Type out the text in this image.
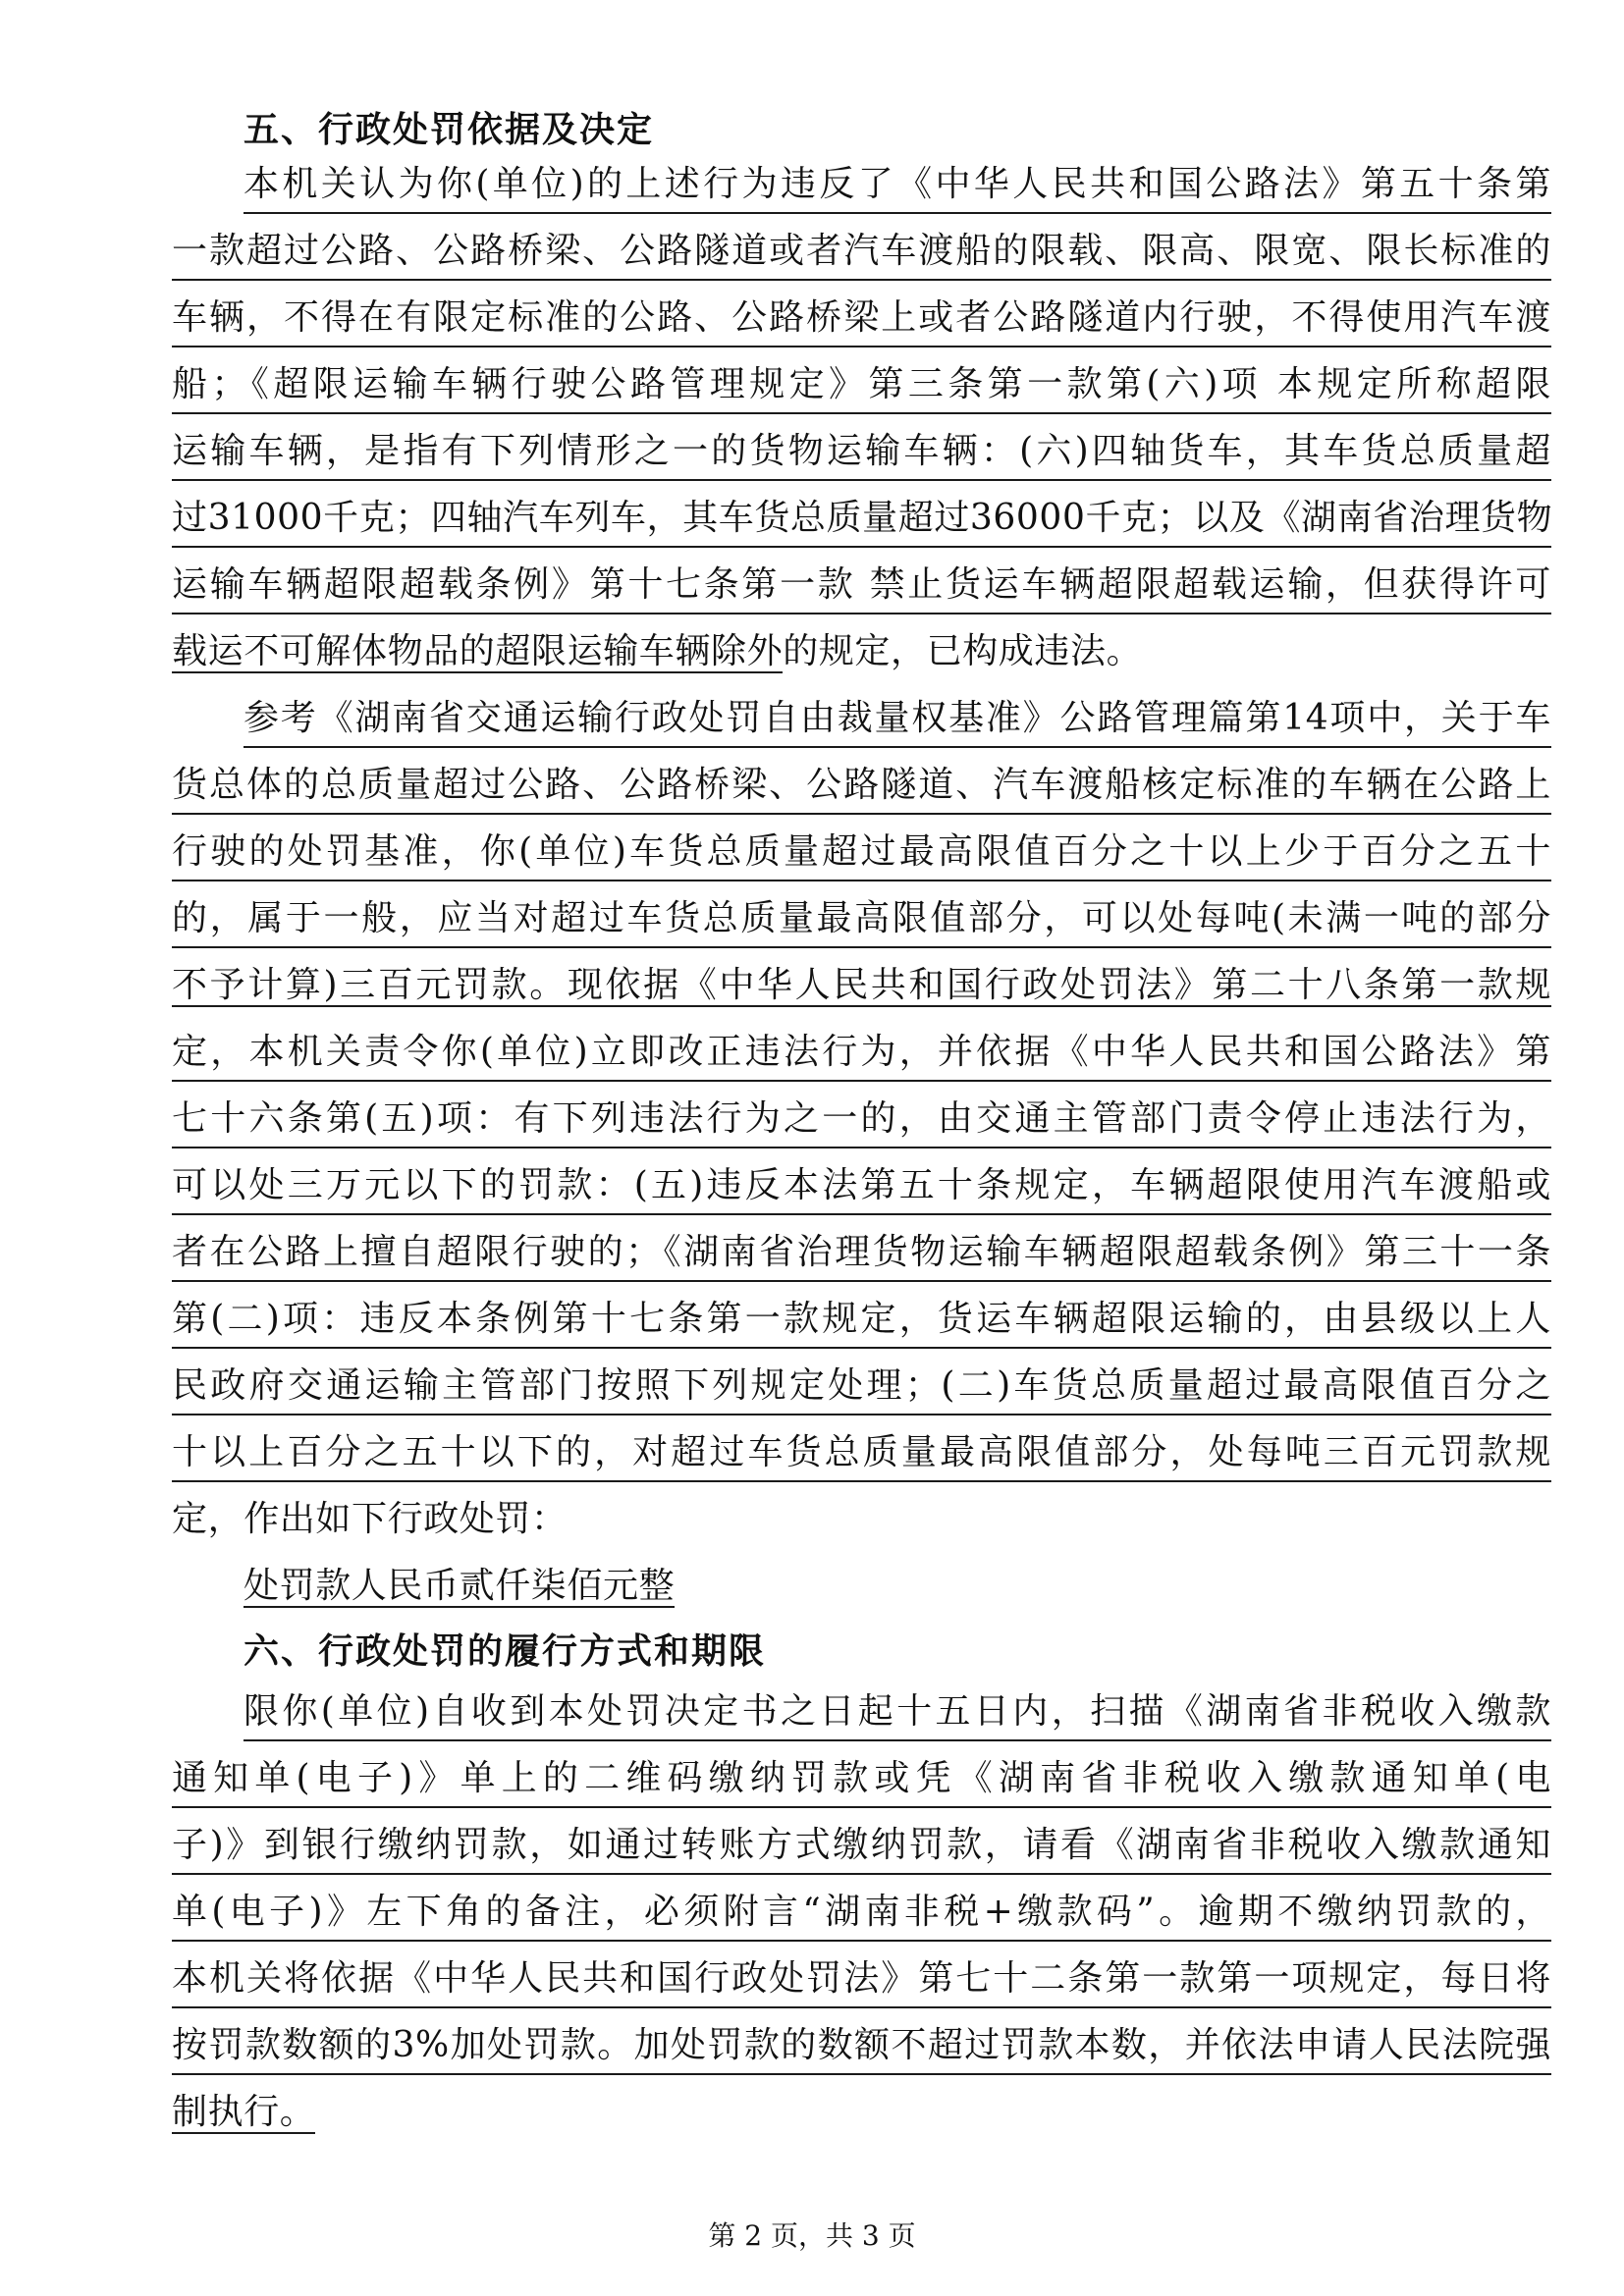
五、行政处罚依据及决定
本机关认为你(单位)的上述行为违反了《中华人民共和国公路法》第五十条第
一款超过公路、公路桥梁、公路隧道或者汽车渡船的限载、限高、限宽、限长标准的
车辆，不得在有限定标准的公路、公路桥梁上或者公路隧道内行驶，不得使用汽车渡
船；《超限运输车辆行驶公路管理规定》第三条第一款第(六)项 本规定所称超限
运输车辆，是指有下列情形之一的货物运输车辆：(六)四轴货车，其车货总质量超
过31000千克；四轴汽车列车，其车货总质量超过36000千克；以及《湖南省治理货物
运输车辆超限超载条例》第十七条第一款 禁止货运车辆超限超载运输，但获得许可
载运不可解体物品的超限运输车辆除外的规定，已构成违法。
参考《湖南省交通运输行政处罚自由裁量权基准》公路管理篇第14项中，关于车
货总体的总质量超过公路、公路桥梁、公路隧道、汽车渡船核定标准的车辆在公路上
行驶的处罚基准，你(单位)车货总质量超过最高限值百分之十以上少于百分之五十
的，属于一般，应当对超过车货总质量最高限值部分，可以处每吨(未满一吨的部分
不予计算)三百元罚款。现依据《中华人民共和国行政处罚法》第二十八条第一款规
定，本机关责令你(单位)立即改正违法行为，并依据《中华人民共和国公路法》第
七十六条第(五)项：有下列违法行为之一的，由交通主管部门责令停止违法行为，
可以处三万元以下的罚款：(五)违反本法第五十条规定，车辆超限使用汽车渡船或
者在公路上擅自超限行驶的；《湖南省治理货物运输车辆超限超载条例》第三十一条
第(二)项：违反本条例第十七条第一款规定，货运车辆超限运输的，由县级以上人
民政府交通运输主管部门按照下列规定处理；(二)车货总质量超过最高限值百分之
十以上百分之五十以下的，对超过车货总质量最高限值部分，处每吨三百元罚款规
定，作出如下行政处罚：
处罚款人民币贰仟柒佰元整
六、行政处罚的履行方式和期限
限你(单位)自收到本处罚决定书之日起十五日内，扫描《湖南省非税收入缴款
通知单(电子)》单上的二维码缴纳罚款或凭《湖南省非税收入缴款通知单(电
子)》到银行缴纳罚款，如通过转账方式缴纳罚款，请看《湖南省非税收入缴款通知
单(电子)》左下角的备注，必须附言“湖南非税+缴款码”。逾期不缴纳罚款的，
本机关将依据《中华人民共和国行政处罚法》第七十二条第一款第一项规定，每日将
按罚款数额的3%加处罚款。加处罚款的数额不超过罚款本数，并依法申请人民法院强
制执行。
第 2 页，共 3 页
